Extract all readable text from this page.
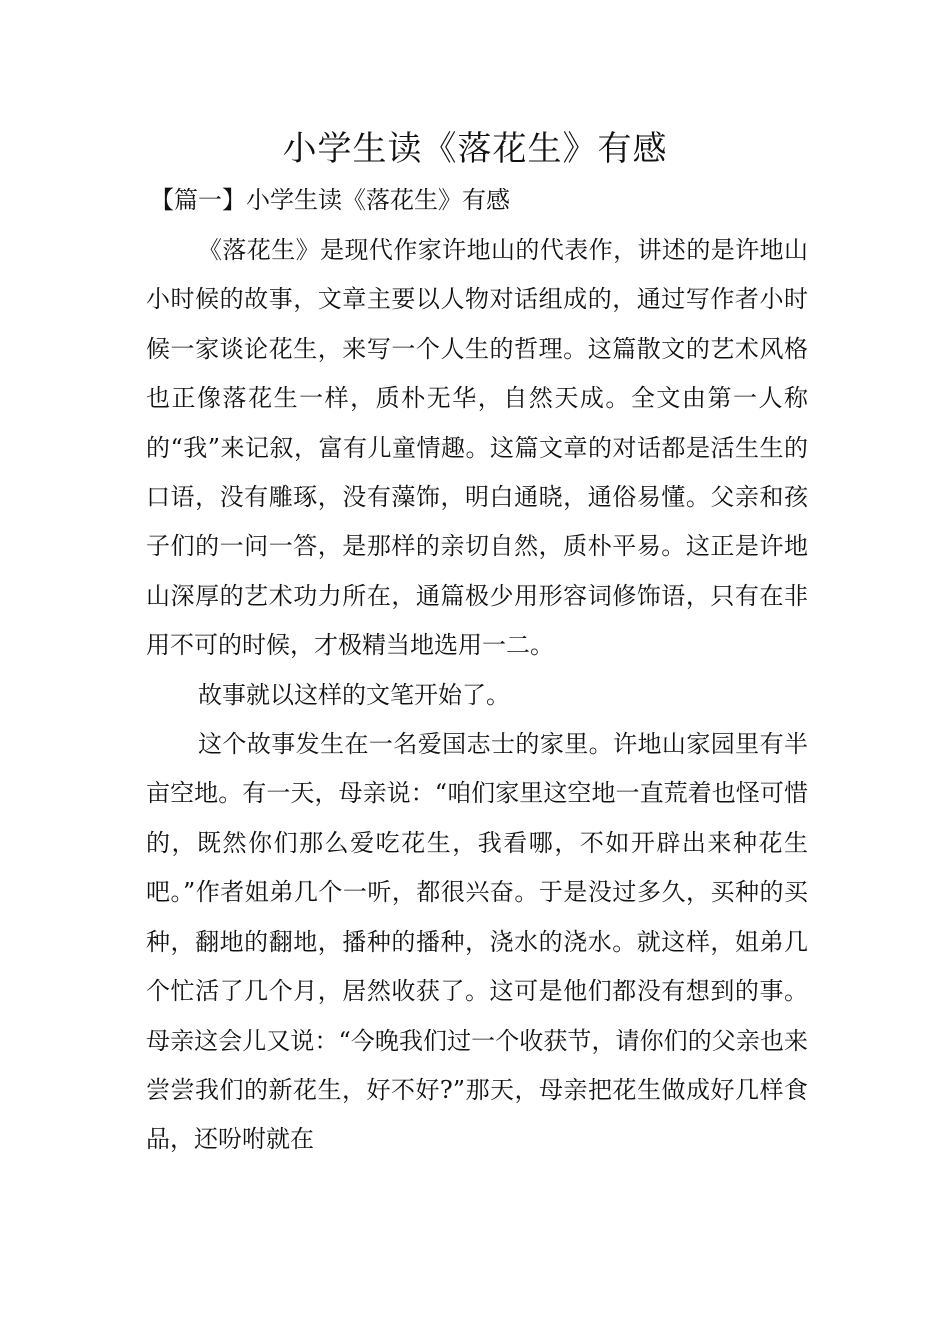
小学生读《落花生》有感
【篇一】小学生读《落花生》有感

《落花生》是现代作家许地山的代表作，讲述的是许地山小时候的故事，文章主要以人物对话组成的，通过写作者小时候一家谈论花生，来写一个人生的哲理。这篇散文的艺术风格也正像落花生一样，质朴无华，自然天成。全文由第一人称的“我”来记叙，富有儿童情趣。这篇文章的对话都是活生生的口语，没有雕琢，没有藻饰，明白通晓，通俗易懂。父亲和孩子们的一问一答，是那样的亲切自然，质朴平易。这正是许地山深厚的艺术功力所在，通篇极少用形容词修饰语，只有在非用不可的时候，才极精当地选用一二。

故事就以这样的文笔开始了。

这个故事发生在一名爱国志士的家里。许地山家园里有半亩空地。有一天，母亲说：“咱们家里这空地一直荒着也怪可惜的，既然你们那么爱吃花生，我看哪，不如开辟出来种花生吧。”作者姐弟几个一听，都很兴奋。于是没过多久，买种的买种，翻地的翻地，播种的播种，浇水的浇水。就这样，姐弟几个忙活了几个月，居然收获了。这可是他们都没有想到的事。母亲这会儿又说：“今晚我们过一个收获节，请你们的父亲也来尝尝我们的新花生，好不好?”那天，母亲把花生做成好几样食品，还吩咐就在
